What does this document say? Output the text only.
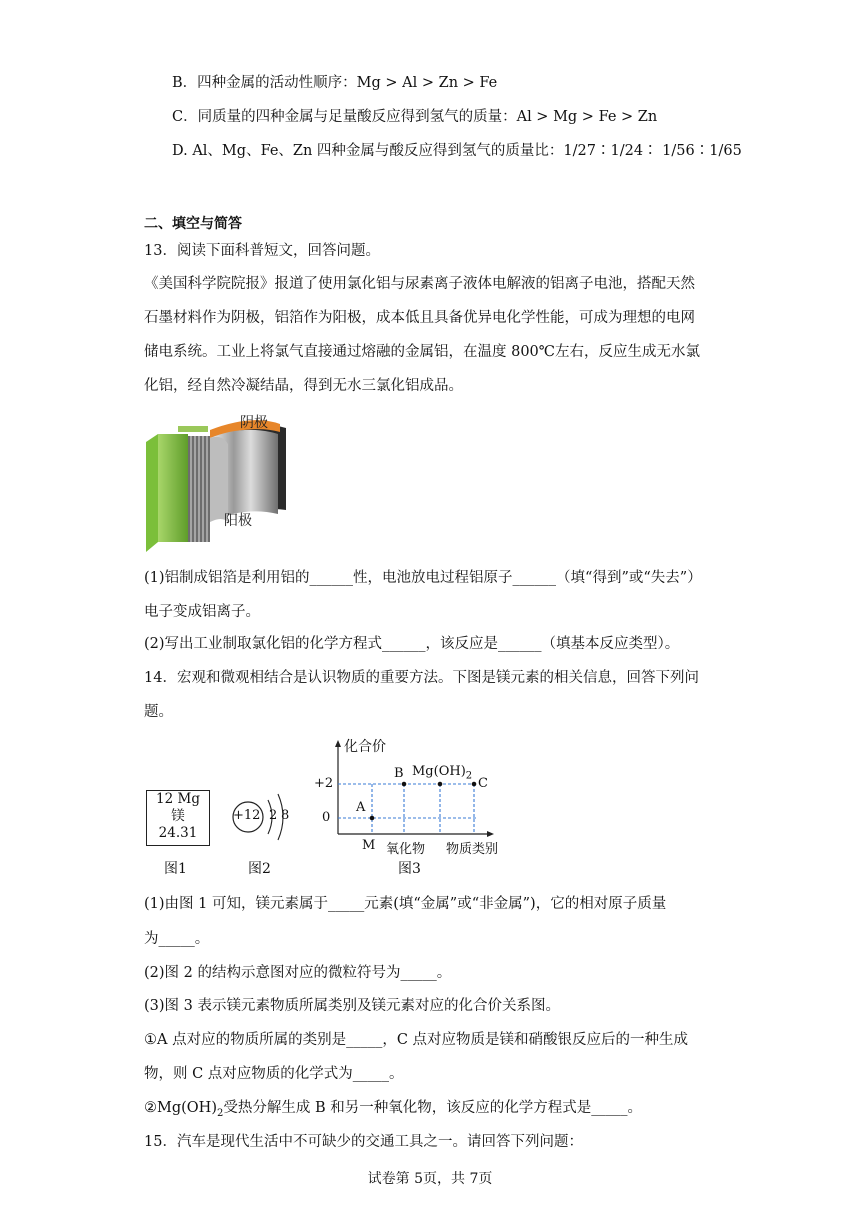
B．四种金属的活动性顺序：Mg > Al > Zn > Fe
C．同质量的四种金属与足量酸反应得到氢气的质量：Al > Mg > Fe > Zn
D. Al、Mg、Fe、Zn 四种金属与酸反应得到氢气的质量比：1/27∶1/24∶ 1/56∶1/65
二、填空与简答
13．阅读下面科普短文，回答问题。
《美国科学院院报》报道了使用氯化铝与尿素离子液体电解液的铝离子电池，搭配天然
石墨材料作为阴极，铝箔作为阳极，成本低且具备优异电化学性能，可成为理想的电网
储电系统。工业上将氯气直接通过熔融的金属铝，在温度 800℃左右，反应生成无水氯
化铝，经自然冷凝结晶，得到无水三氯化铝成品。
阴极
阳极
(1)铝制成铝箔是利用铝的______性，电池放电过程铝原子______（填“得到”或“失去”）
电子变成铝离子。
(2)写出工业制取氯化铝的化学方程式______，该反应是______（填基本反应类型）。
14．宏观和微观相结合是认识物质的重要方法。下图是镁元素的相关信息，回答下列问
题。
12 Mg
镁
24.31
图1
+12 2 8
图2
化合价
+2
0
A
B $Mg(OH)_2$ C
M 氧化物 物质类别
图3
(1)由图 1 可知，镁元素属于_____元素(填“金属”或“非金属”)，它的相对原子质量
为_____。
(2)图 2 的结构示意图对应的微粒符号为_____。
(3)图 3 表示镁元素物质所属类别及镁元素对应的化合价关系图。
①A 点对应的物质所属的类别是_____，C 点对应物质是镁和硝酸银反应后的一种生成
物，则 C 点对应物质的化学式为_____。
$②Mg(OH)_2$受热分解生成 B 和另一种氧化物，该反应的化学方程式是_____。
15．汽车是现代生活中不可缺少的交通工具之一。请回答下列问题：
试卷第 5页，共 7页
